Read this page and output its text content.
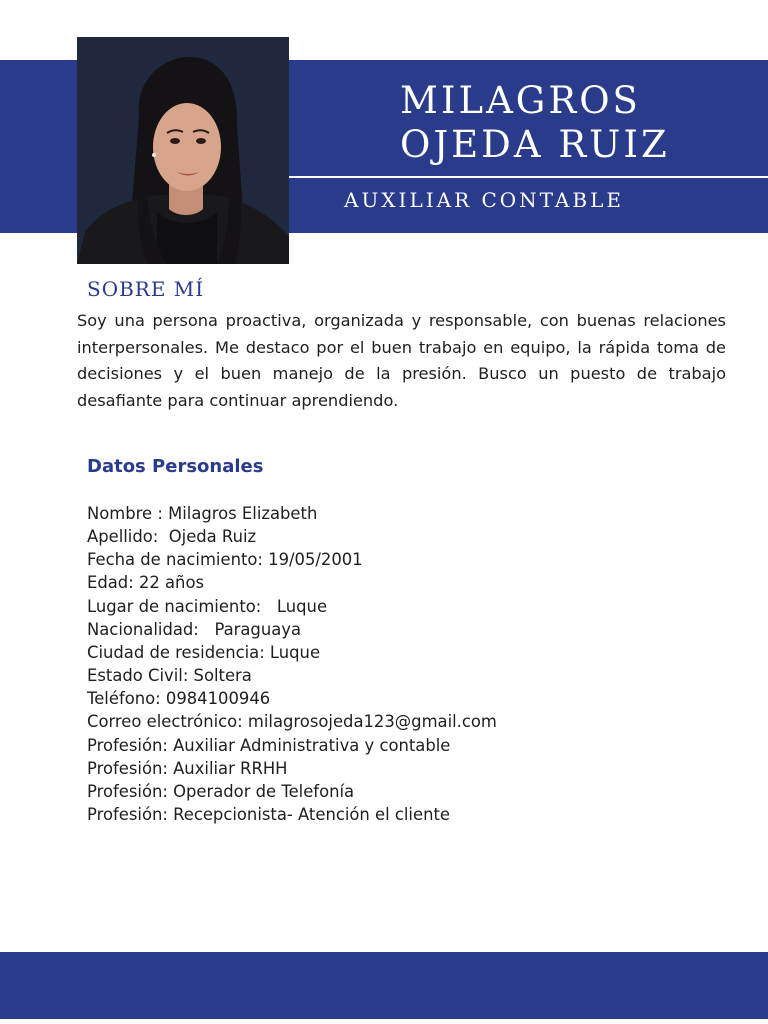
MILAGROS
OJEDA RUIZ
AUXILIAR CONTABLE
SOBRE MÍ

Soy una persona proactiva, organizada y responsable, con buenas relaciones interpersonales. Me destaco por el buen trabajo en equipo, la rápida toma de decisiones y el buen manejo de la presión. Busco un puesto de trabajo desafiante para continuar aprendiendo.

Datos Personales
Nombre : Milagros Elizabeth
Apellido:  Ojeda Ruiz
Fecha de nacimiento: 19/05/2001
Edad: 22 años
Lugar de nacimiento:   Luque
Nacionalidad:   Paraguaya
Ciudad de residencia: Luque
Estado Civil: Soltera
Teléfono: 0984100946
Correo electrónico: milagrosojeda123@gmail.com
Profesión: Auxiliar Administrativa y contable
Profesión: Auxiliar RRHH
Profesión: Operador de Telefonía
Profesión: Recepcionista- Atención el cliente
